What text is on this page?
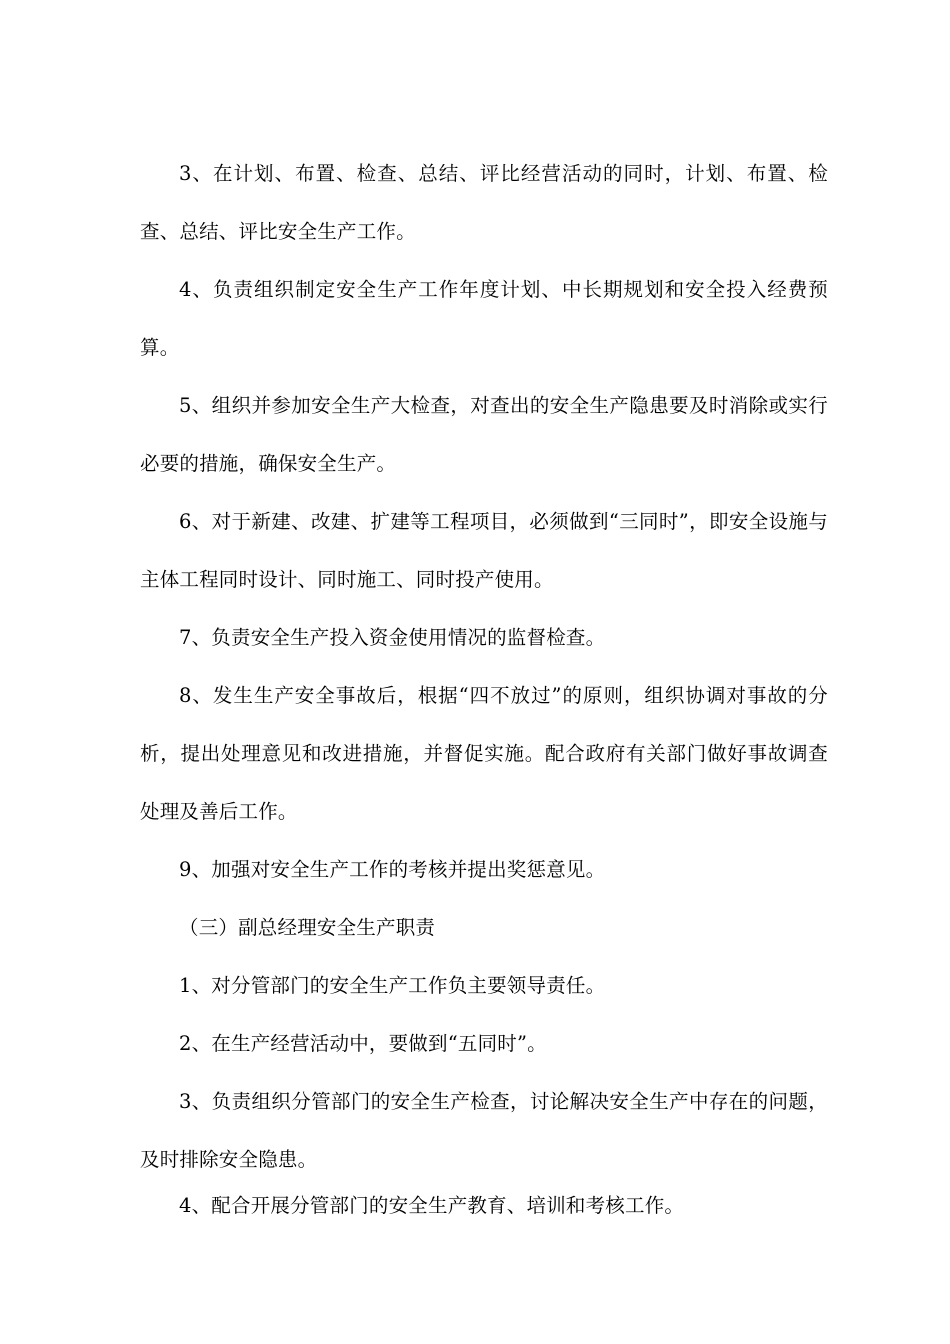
3、在计划、布置、检查、总结、评比经营活动的同时，计划、布置、检查、总结、评比安全生产工作。

4、负责组织制定安全生产工作年度计划、中长期规划和安全投入经费预算。

5、组织并参加安全生产大检查，对查出的安全生产隐患要及时消除或实行必要的措施，确保安全生产。

6、对于新建、改建、扩建等工程项目，必须做到“三同时”，即安全设施与主体工程同时设计、同时施工、同时投产使用。

7、负责安全生产投入资金使用情况的监督检查。

8、发生生产安全事故后，根据“四不放过”的原则，组织协调对事故的分析，提出处理意见和改进措施，并督促实施。配合政府有关部门做好事故调查处理及善后工作。

9、加强对安全生产工作的考核并提出奖惩意见。

（三）副总经理安全生产职责

1、对分管部门的安全生产工作负主要领导责任。

2、在生产经营活动中，要做到“五同时”。

3、负责组织分管部门的安全生产检查，讨论解决安全生产中存在的问题，及时排除安全隐患。

4、配合开展分管部门的安全生产教育、培训和考核工作。
